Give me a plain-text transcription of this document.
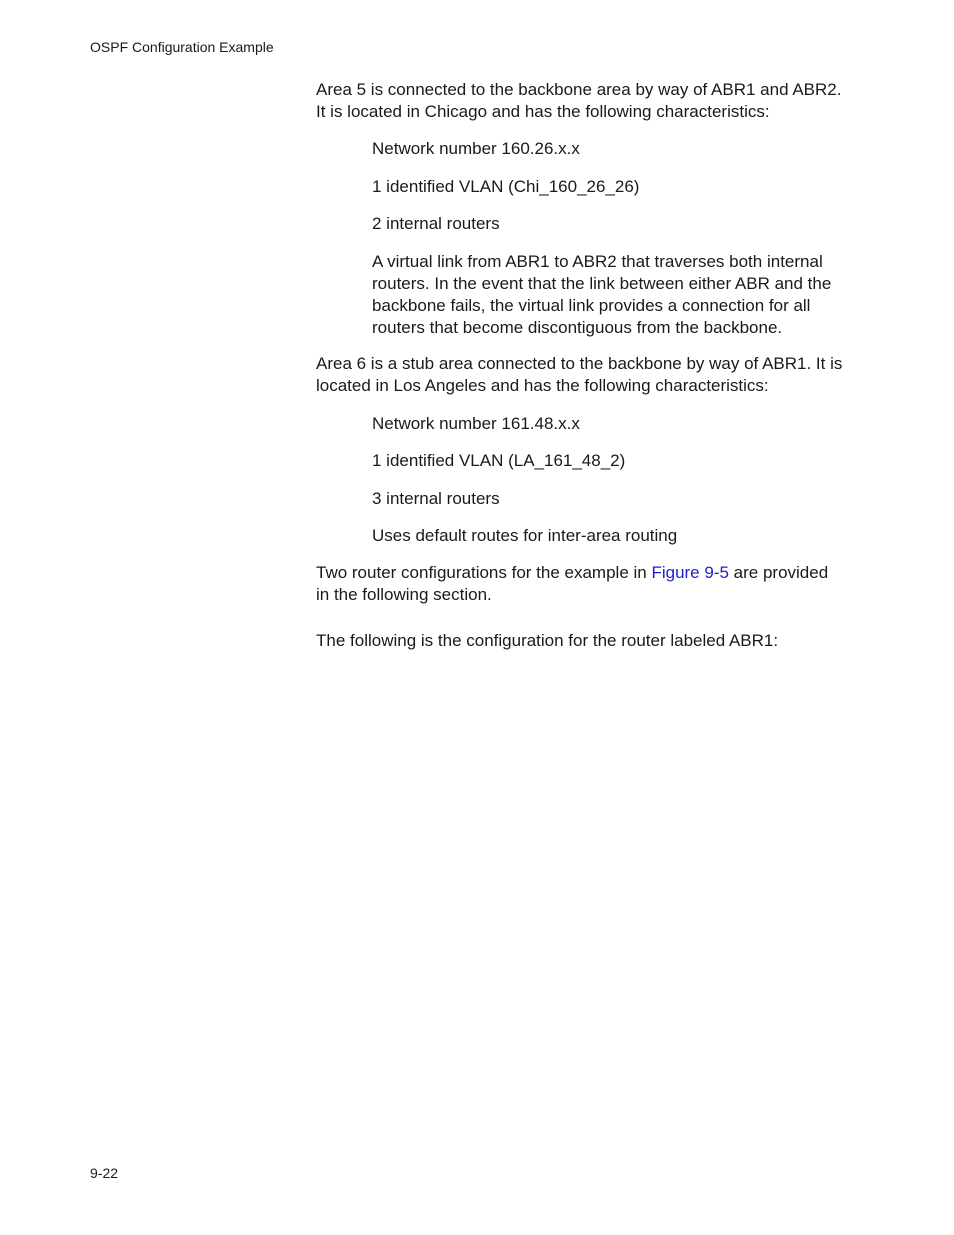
OSPF Configuration Example
Area 5 is connected to the backbone area by way of ABR1 and ABR2.
It is located in Chicago and has the following characteristics:
Network number 160.26.x.x
1 identified VLAN (Chi_160_26_26)
2 internal routers
A virtual link from ABR1 to ABR2 that traverses both internal
routers. In the event that the link between either ABR and the
backbone fails, the virtual link provides a connection for all
routers that become discontiguous from the backbone.
Area 6 is a stub area connected to the backbone by way of ABR1. It is
located in Los Angeles and has the following characteristics:
Network number 161.48.x.x
1 identified VLAN (LA_161_48_2)
3 internal routers
Uses default routes for inter-area routing
Two router configurations for the example in Figure 9-5 are provided
in the following section.
The following is the configuration for the router labeled ABR1:
9-22
